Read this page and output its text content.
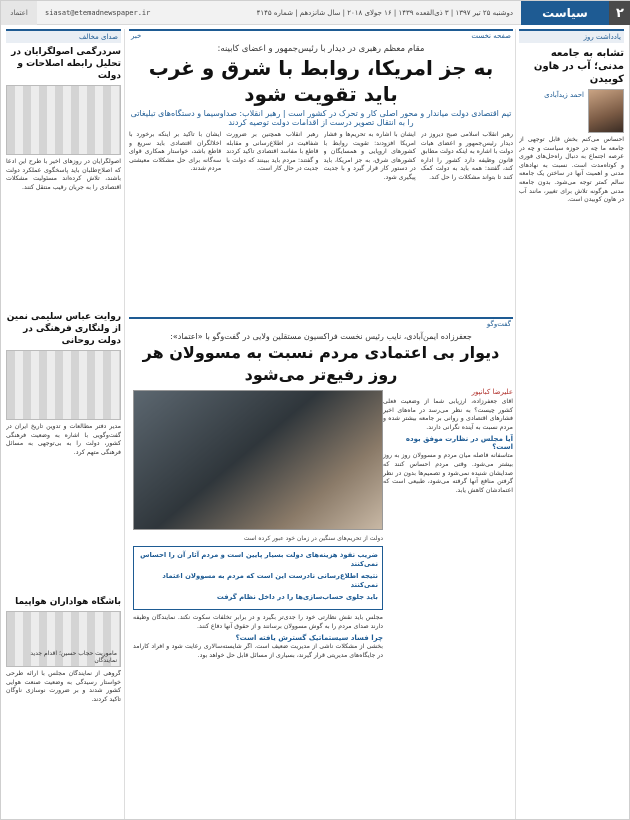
۲
سیاست
دوشنبه ۲۵ تیر ۱۳۹۷ | ۳ ذی‌القعده ۱۴۳۹ | ۱۶ جولای ۲۰۱۸ | سال شانزدهم | شماره ۴۱۴۵
siasat@etemadnewspaper.ir
اعتماد
یادداشت روز
تشابه به جامعه مدنی؛ آب در هاون کوبیدن
احمد زیدآبادی
احساس می‌کنم بخش قابل توجهی از جامعه ما چه در حوزه سیاست و چه در عرصه اجتماع به دنبال راه‌حل‌های فوری و کوتاه‌مدت است. نسبت به نهادهای مدنی و اهمیت آنها در ساختن یک جامعه سالم کمتر توجه می‌شود. بدون جامعه مدنی هرگونه تلاش برای تغییر، مانند آب در هاون کوبیدن است.
صدای مخالف
سردرگمی اصولگرایان در تحلیل رابطه اصلاحات و دولت
اصولگرایان در روزهای اخیر با طرح این ادعا که اصلاح‌طلبان باید پاسخگوی عملکرد دولت باشند، تلاش کرده‌اند مسئولیت مشکلات اقتصادی را به جریان رقیب منتقل کنند.
روایت عباس سلیمی نمین از ولنگاری فرهنگی در دولت روحانی
مدیر دفتر مطالعات و تدوین تاریخ ایران در گفت‌وگویی با اشاره به وضعیت فرهنگی کشور، دولت را به بی‌توجهی به مسائل فرهنگی متهم کرد.
باشگاه هواداران هواپیما
ماموریت حجاب حسین؛ اقدام جدید نمایندگان
گروهی از نمایندگان مجلس با ارائه طرحی خواستار رسیدگی به وضعیت صنعت هوایی کشور شدند و بر ضرورت نوسازی ناوگان تاکید کردند.
صفحه نخست
خبر
مقام معظم رهبری در دیدار با رئیس‌جمهور و اعضای کابینه:
به جز امریکا، روابط با شرق و غرب باید تقویت شود
تیم اقتصادی دولت میاندار و محور اصلی کار و تحرک در کشور است | رهبر انقلاب: صداوسیما و دستگاه‌های تبلیغاتی را به انتقال تصویر درست از اقدامات دولت توصیه کردند
رهبر انقلاب اسلامی صبح دیروز در دیدار رئیس‌جمهور و اعضای هیات دولت با اشاره به اینکه دولت مطابق قانون وظیفه دارد کشور را اداره کند، گفتند: همه باید به دولت کمک کنند تا بتواند مشکلات را حل کند.
ایشان با اشاره به تحریم‌ها و فشار امریکا افزودند: تقویت روابط با کشورهای اروپایی و همسایگان و کشورهای شرق، به جز امریکا، باید در دستور کار قرار گیرد و با جدیت پیگیری شود.
رهبر انقلاب همچنین بر ضرورت شفافیت در اطلاع‌رسانی و مقابله قاطع با مفاسد اقتصادی تاکید کردند و گفتند: مردم باید ببینند که دولت با جدیت در حال کار است.
ایشان با تاکید بر اینکه برخورد با اخلالگران اقتصادی باید سریع و قاطع باشد، خواستار همکاری قوای سه‌گانه برای حل مشکلات معیشتی مردم شدند.
گفت‌وگو
جعفرزاده ایمن‌آبادی، نایب رئیس نخست فراکسیون مستقلین ولایی در گفت‌وگو با «اعتماد»:
دیوار بی اعتمادی مردم نسبت به مسوولان هر روز رفیع‌تر می‌شود
دولت از تحریم‌های سنگین در زمان خود عبور کرده است

ضریب نفوذ هزینه‌های دولت بسیار پایین است و مردم آثار آن را احساس نمی‌کنند

نتیجه اطلاع‌رسانی نادرست این است که مردم به مسوولان اعتماد نمی‌کنند

باید جلوی حساب‌سازی‌ها را در داخل نظام گرفت

مجلس باید نقش نظارتی خود را جدی‌تر بگیرد و در برابر تخلفات سکوت نکند. نمایندگان وظیفه دارند صدای مردم را به گوش مسوولان برسانند و از حقوق آنها دفاع کنند.
چرا فساد سیستماتیک گسترش یافته است؟
بخشی از مشکلات ناشی از مدیریت ضعیف است. اگر شایسته‌سالاری رعایت شود و افراد کارآمد در جایگاه‌های مدیریتی قرار گیرند، بسیاری از مسائل قابل حل خواهد بود.
علیرضا کبانپور
آقای جعفرزاده، ارزیابی شما از وضعیت فعلی کشور چیست؟ به نظر می‌رسد در ماه‌های اخیر فشارهای اقتصادی و روانی بر جامعه بیشتر شده و مردم نسبت به آینده نگرانی دارند.
آیا مجلس در نظارت موفق بوده است؟
متاسفانه فاصله میان مردم و مسوولان روز به روز بیشتر می‌شود. وقتی مردم احساس کنند که صدایشان شنیده نمی‌شود و تصمیم‌ها بدون در نظر گرفتن منافع آنها گرفته می‌شود، طبیعی است که اعتمادشان کاهش یابد.
